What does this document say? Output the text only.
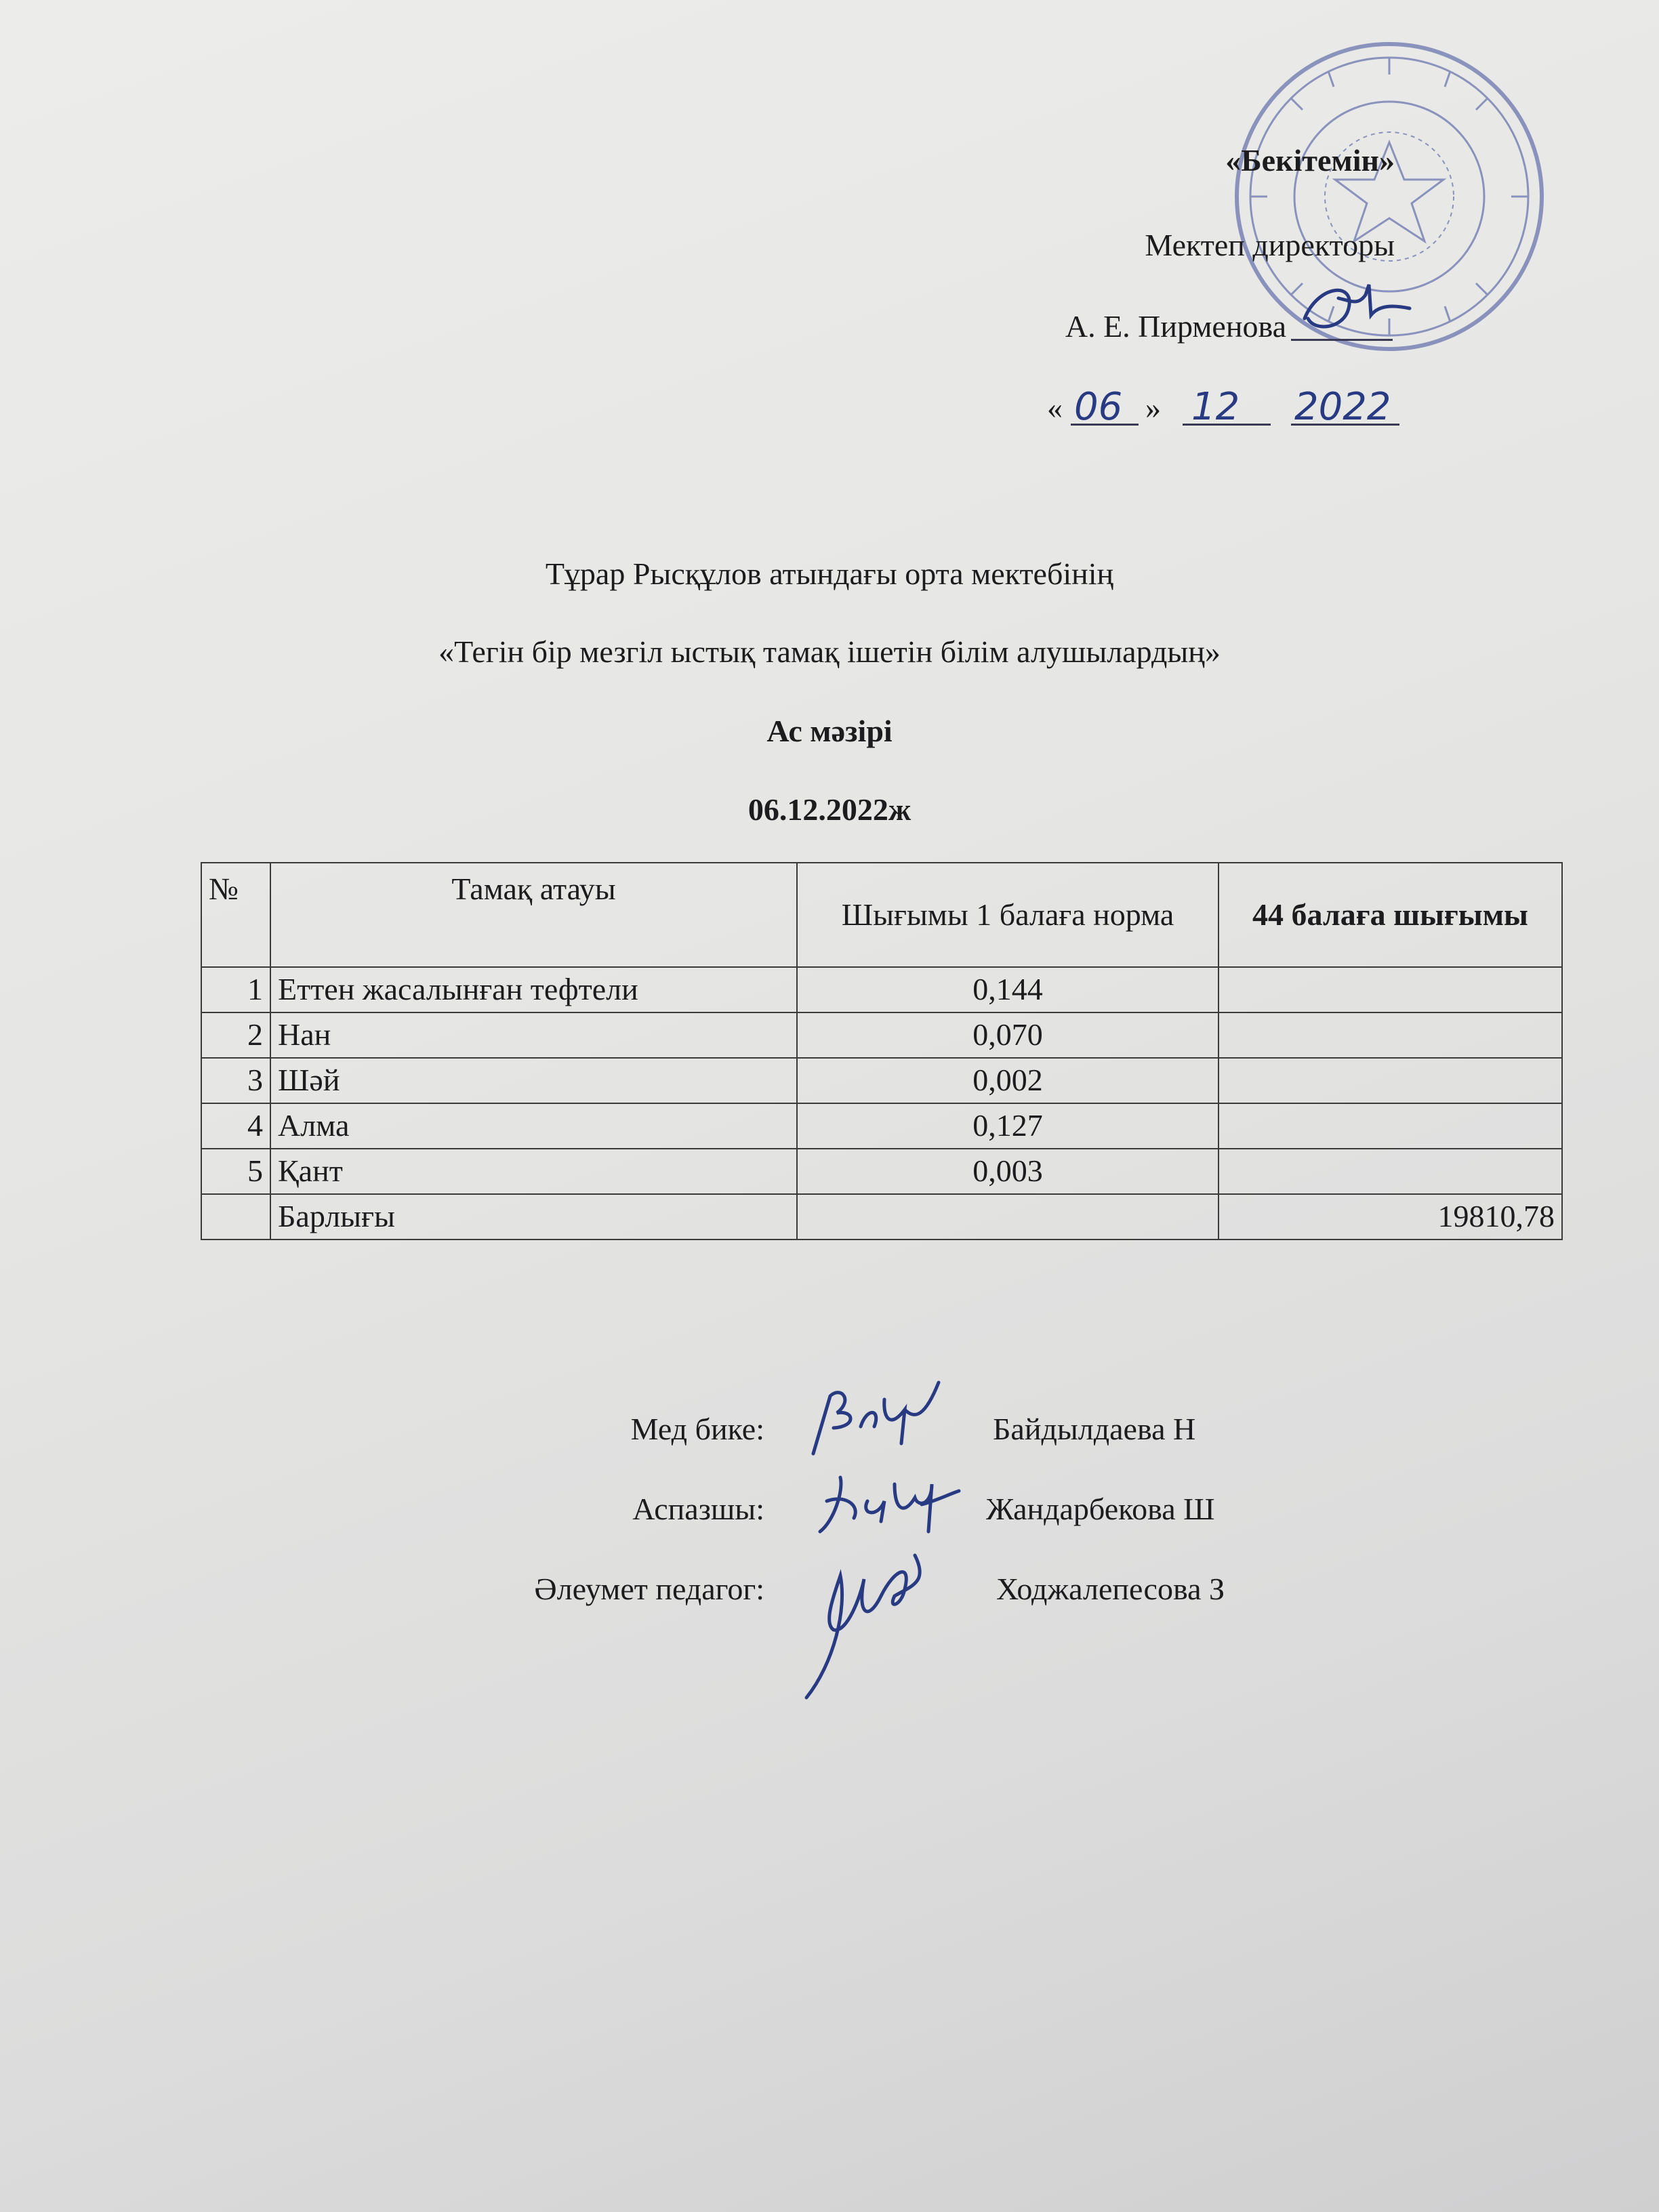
«Бекітемін»
Мектеп директоры
А. Е. Пирменова
« 06 » 12 2022
Тұрар Рысқұлов атындағы орта мектебінің
«Тегін бір мезгіл ыстық тамақ ішетін білім алушылардың»
Ас мәзірі
06.12.2022ж
№	Тамақ атауы	Шығымы 1 балаға норма	44 балаға шығымы
1	Еттен жасалынған тефтели	0,144	
2	Нан	0,070	
3	Шәй	0,002	
4	Алма	0,127	
5	Қант	0,003	
	Барлығы		19810,78
Мед бике:	Байдылдаева Н
Аспазшы:	Жандарбекова Ш
Әлеумет педагог:	Ходжалепесова З
